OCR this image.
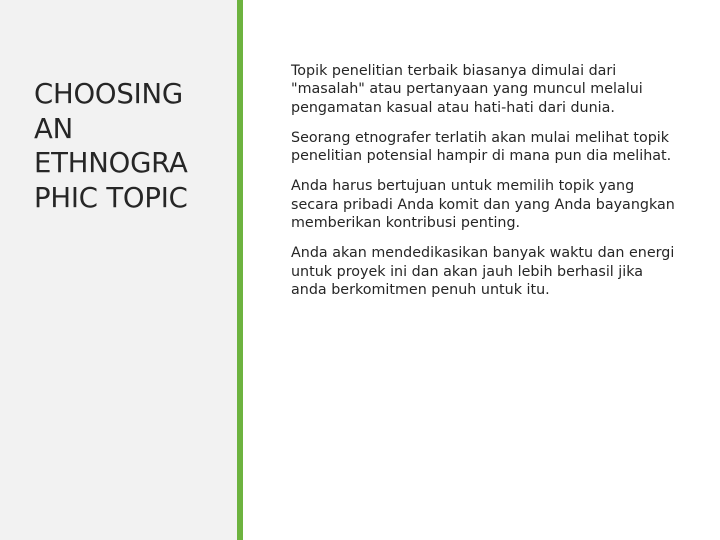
CHOOSING
AN
ETHNOGRA
PHIC TOPIC

Topik penelitian terbaik biasanya dimulai dari "masalah" atau pertanyaan yang muncul melalui pengamatan kasual atau hati-hati dari dunia.

Seorang etnografer terlatih akan mulai melihat topik penelitian potensial hampir di mana pun dia melihat.

Anda harus bertujuan untuk memilih topik yang secara pribadi Anda komit dan yang Anda bayangkan memberikan kontribusi penting.

Anda akan mendedikasikan banyak waktu dan energi untuk proyek ini dan akan jauh lebih berhasil jika anda berkomitmen penuh untuk itu.
